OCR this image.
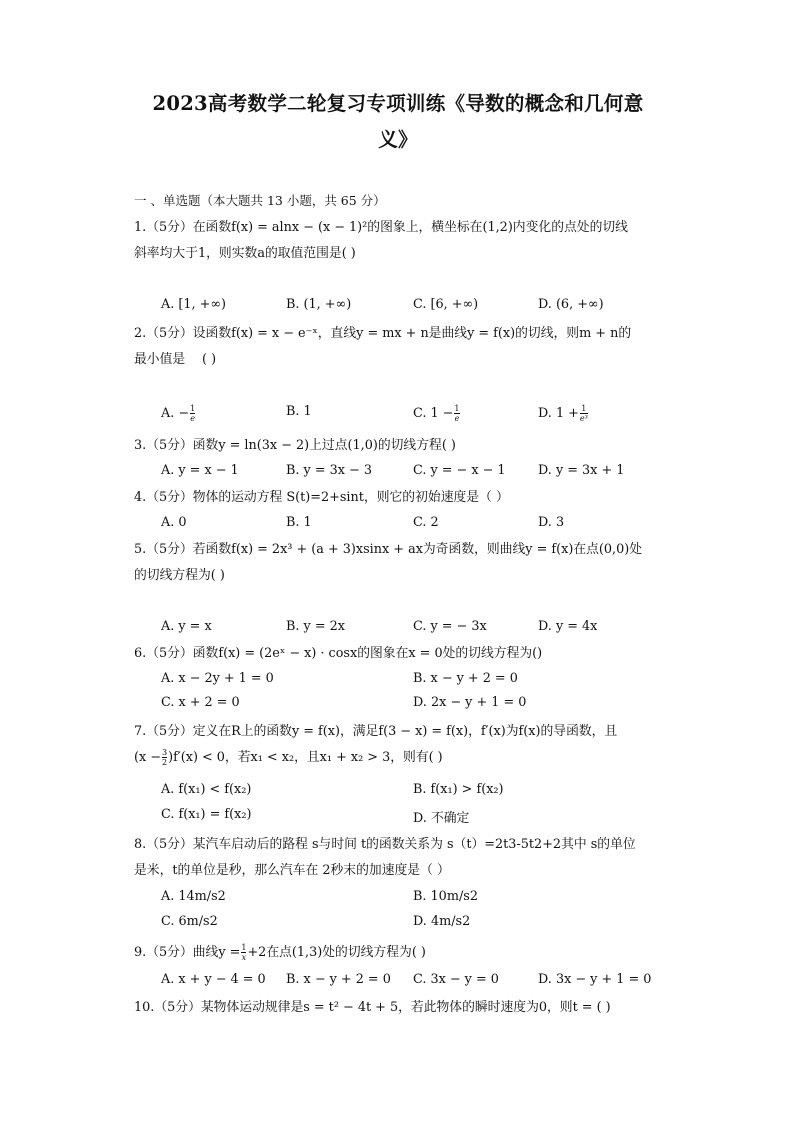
2023高考数学二轮复习专项训练《导数的概念和几何意
义》
一 、单选题（本大题共 13 小题，共 65 分）
1.（5分）在函数f(x) = alnx − (x − 1)²的图象上，横坐标在(1,2)内变化的点处的切线
斜率均大于1，则实数a的取值范围是( )
A. [1, +∞)	B. (1, +∞)	C. [6, +∞)	D. (6, +∞)
2.（5分）设函数f(x) = x − e⁻ˣ，直线y = mx + n是曲线y = f(x)的切线，则m + n的
最小值是　 ( )
A. − $\frac{1}{e}$	B. 1	C. $1 - \frac{1}{e}$	D. $1 + \frac{1}{\text{e³}}$
3.（5分）函数y = ln(3x − 2)上过点(1,0)的切线方程( )
A. y = x − 1	B. y = 3x − 3	C. y = − x − 1	D. y = 3x + 1
4.（5分）物体的运动方程 S(t)=2+sint，则它的初始速度是（ ）
A. 0	B. 1	C. 2	D. 3
5.（5分）若函数f(x) = 2x³ + (a + 3)xsinx + ax为奇函数，则曲线y = f(x)在点(0,0)处
的切线方程为( )
A. y = x	B. y = 2x	C. y = − 3x	D. y = 4x
6.（5分）函数f(x) = (2eˣ − x) · cosx的图象在x = 0处的切线方程为()
A. x − 2y + 1 = 0	B. x − y + 2 = 0
C. x + 2 = 0	D. 2x − y + 1 = 0
7.（5分）定义在R上的函数y = f(x)，满足f(3 − x) = f(x)，f′(x)为f(x)的导函数，且
$(x - \frac{3}{2} )f'(x) < 0$，若x₁ < x₂，且x₁ + x₂ > 3，则有( )
A. f(x₁) < f(x₂)	B. f(x₁) > f(x₂)
C. f(x₁) = f(x₂)	D. 不确定
8.（5分）某汽车启动后的路程 s与时间 t的函数关系为 s（t）=2t3-5t2+2其中 s的单位
是米，t的单位是秒，那么汽车在 2秒末的加速度是（ ）
A. 14m/s2	B. 10m/s2
C. 6m/s2	D. 4m/s2
9.（5分）曲线$y = \frac{1}{x} +2$在点(1,3)处的切线方程为( )
A. x + y − 4 = 0 B. x − y + 2 = 0 C. 3x − y = 0	D. 3x − y + 1 = 0
10.（5分）某物体运动规律是s = t² − 4t + 5，若此物体的瞬时速度为0，则t = ( )
